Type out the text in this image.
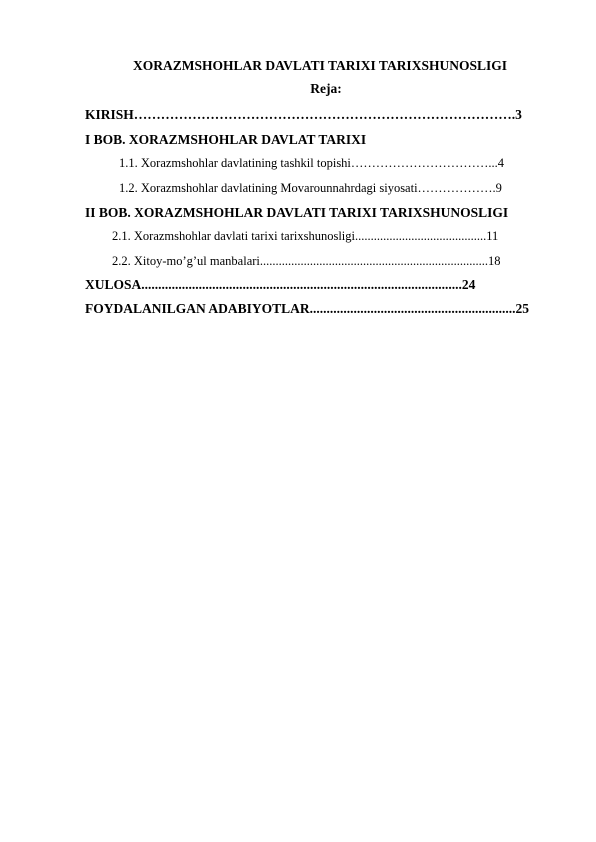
XORAZMSHOHLAR DAVLATI TARIXI TARIXSHUNOSLIGI
Reja:
KIRISH………………………………………………………………………….3
I BOB. XORAZMSHOHLAR DAVLAT TARIXI
1.1. Xorazmshohlar davlatining tashkil topishi……………………………...4
1.2. Xorazmshohlar davlatining Movarounnahrdagi siyosati……………….9
II BOB. XORAZMSHOHLAR DAVLATI TARIXI TARIXSHUNOSLIGI
2.1. Xorazmshohlar davlati tarixi tarixshunosligi..........................................11
2.2. Xitoy-mo’g’ul manbalari.........................................................................18
XULOSA...............................................................................................24
FOYDALANILGAN ADABIYOTLAR.............................................................25
